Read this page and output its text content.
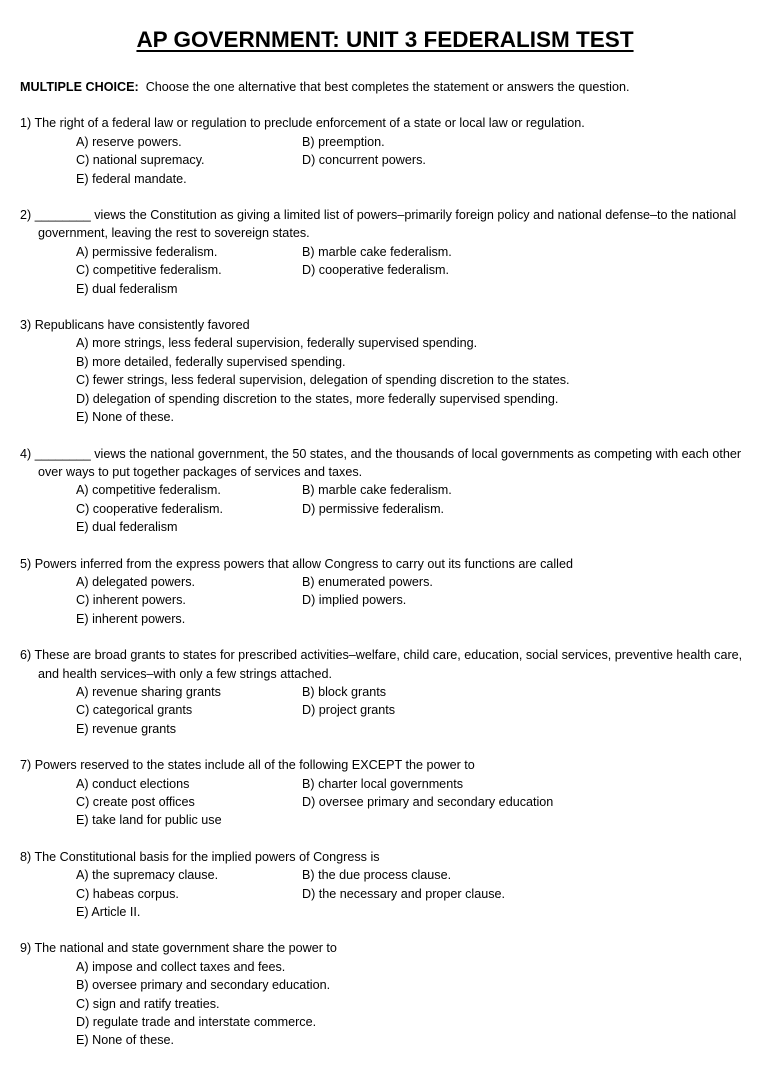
AP GOVERNMENT: UNIT 3 FEDERALISM TEST
MULTIPLE CHOICE:  Choose the one alternative that best completes the statement or answers the question.
1) The right of a federal law or regulation to preclude enforcement of a state or local law or regulation.
A) reserve powers.	B) preemption.
C) national supremacy.	D) concurrent powers.
E) federal mandate.
2) ________ views the Constitution as giving a limited list of powers–primarily foreign policy and national defense–to the national government, leaving the rest to sovereign states.
A) permissive federalism.	B) marble cake federalism.
C) competitive federalism.	D) cooperative federalism.
E) dual federalism
3) Republicans have consistently favored
A) more strings, less federal supervision, federally supervised spending.
B) more detailed, federally supervised spending.
C) fewer strings, less federal supervision, delegation of spending discretion to the states.
D) delegation of spending discretion to the states, more federally supervised spending.
E) None of these.
4) ________ views the national government, the 50 states, and the thousands of local governments as competing with each other over ways to put together packages of services and taxes.
A) competitive federalism.	B) marble cake federalism.
C) cooperative federalism.	D) permissive federalism.
E) dual federalism
5) Powers inferred from the express powers that allow Congress to carry out its functions are called
A) delegated powers.	B) enumerated powers.
C) inherent powers.	D) implied powers.
E) inherent powers.
6) These are broad grants to states for prescribed activities–welfare, child care, education, social services, preventive health care, and health services–with only a few strings attached.
A) revenue sharing grants	B) block grants
C) categorical grants	D) project grants
E) revenue grants
7) Powers reserved to the states include all of the following EXCEPT the power to
A) conduct elections	B) charter local governments
C) create post offices	D) oversee primary and secondary education
E) take land for public use
8) The Constitutional basis for the implied powers of Congress is
A) the supremacy clause.	B) the due process clause.
C) habeas corpus.	D) the necessary and proper clause.
E) Article II.
9) The national and state government share the power to
A) impose and collect taxes and fees.
B) oversee primary and secondary education.
C) sign and ratify treaties.
D) regulate trade and interstate commerce.
E) None of these.
